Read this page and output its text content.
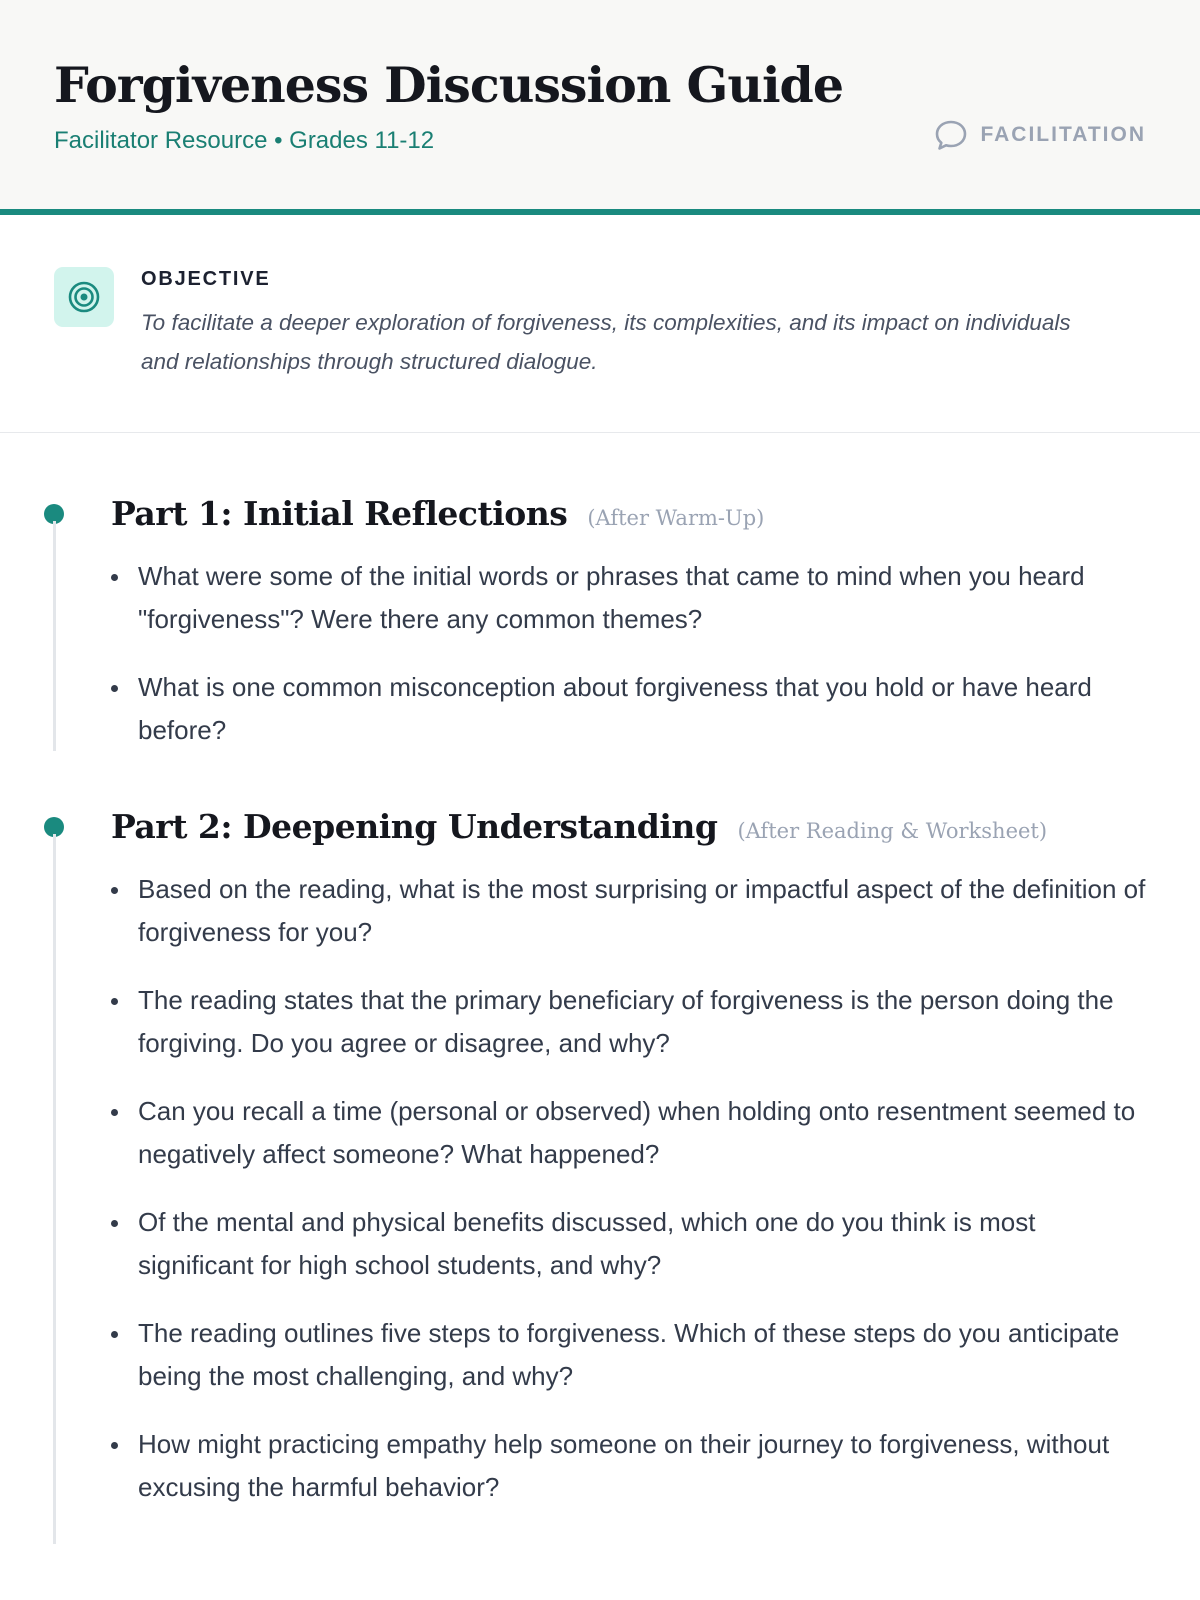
Forgiveness Discussion Guide
Facilitator Resource • Grades 11-12	FACILITATION
OBJECTIVE

To facilitate a deeper exploration of forgiveness, its complexities, and its impact on individuals and relationships through structured dialogue.

Part 1: Initial Reflections (After Warm-Up)
What were some of the initial words or phrases that came to mind when you heard "forgiveness"? Were there any common themes?
What is one common misconception about forgiveness that you hold or have heard before?
Part 2: Deepening Understanding (After Reading & Worksheet)
Based on the reading, what is the most surprising or impactful aspect of the definition of forgiveness for you?
The reading states that the primary beneficiary of forgiveness is the person doing the forgiving. Do you agree or disagree, and why?
Can you recall a time (personal or observed) when holding onto resentment seemed to negatively affect someone? What happened?
Of the mental and physical benefits discussed, which one do you think is most significant for high school students, and why?
The reading outlines five steps to forgiveness. Which of these steps do you anticipate being the most challenging, and why?
How might practicing empathy help someone on their journey to forgiveness, without excusing the harmful behavior?
